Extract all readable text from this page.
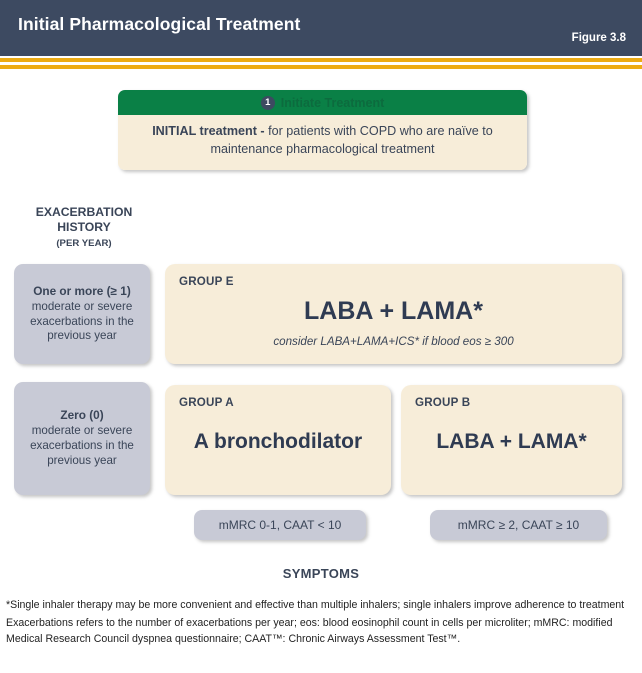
Initial Pharmacological Treatment
Figure 3.8
1 Initiate Treatment
INITIAL treatment - for patients with COPD who are naïve to maintenance pharmacological treatment
EXACERBATION
HISTORY
(PER YEAR)
One or more (≥ 1)
moderate or severe exacerbations in the previous year
GROUP E
LABA + LAMA*
consider LABA+LAMA+ICS* if blood eos ≥ 300
Zero (0)
moderate or severe exacerbations in the previous year
GROUP A
A bronchodilator
GROUP B
LABA + LAMA*
mMRC 0-1, CAAT < 10	mMRC ≥ 2, CAAT ≥ 10
SYMPTOMS
*Single inhaler therapy may be more convenient and effective than multiple inhalers; single inhalers improve adherence to treatment
Exacerbations refers to the number of exacerbations per year; eos: blood eosinophil count in cells per microliter; mMRC: modified Medical Research Council dyspnea questionnaire; CAAT™: Chronic Airways Assessment Test™.
